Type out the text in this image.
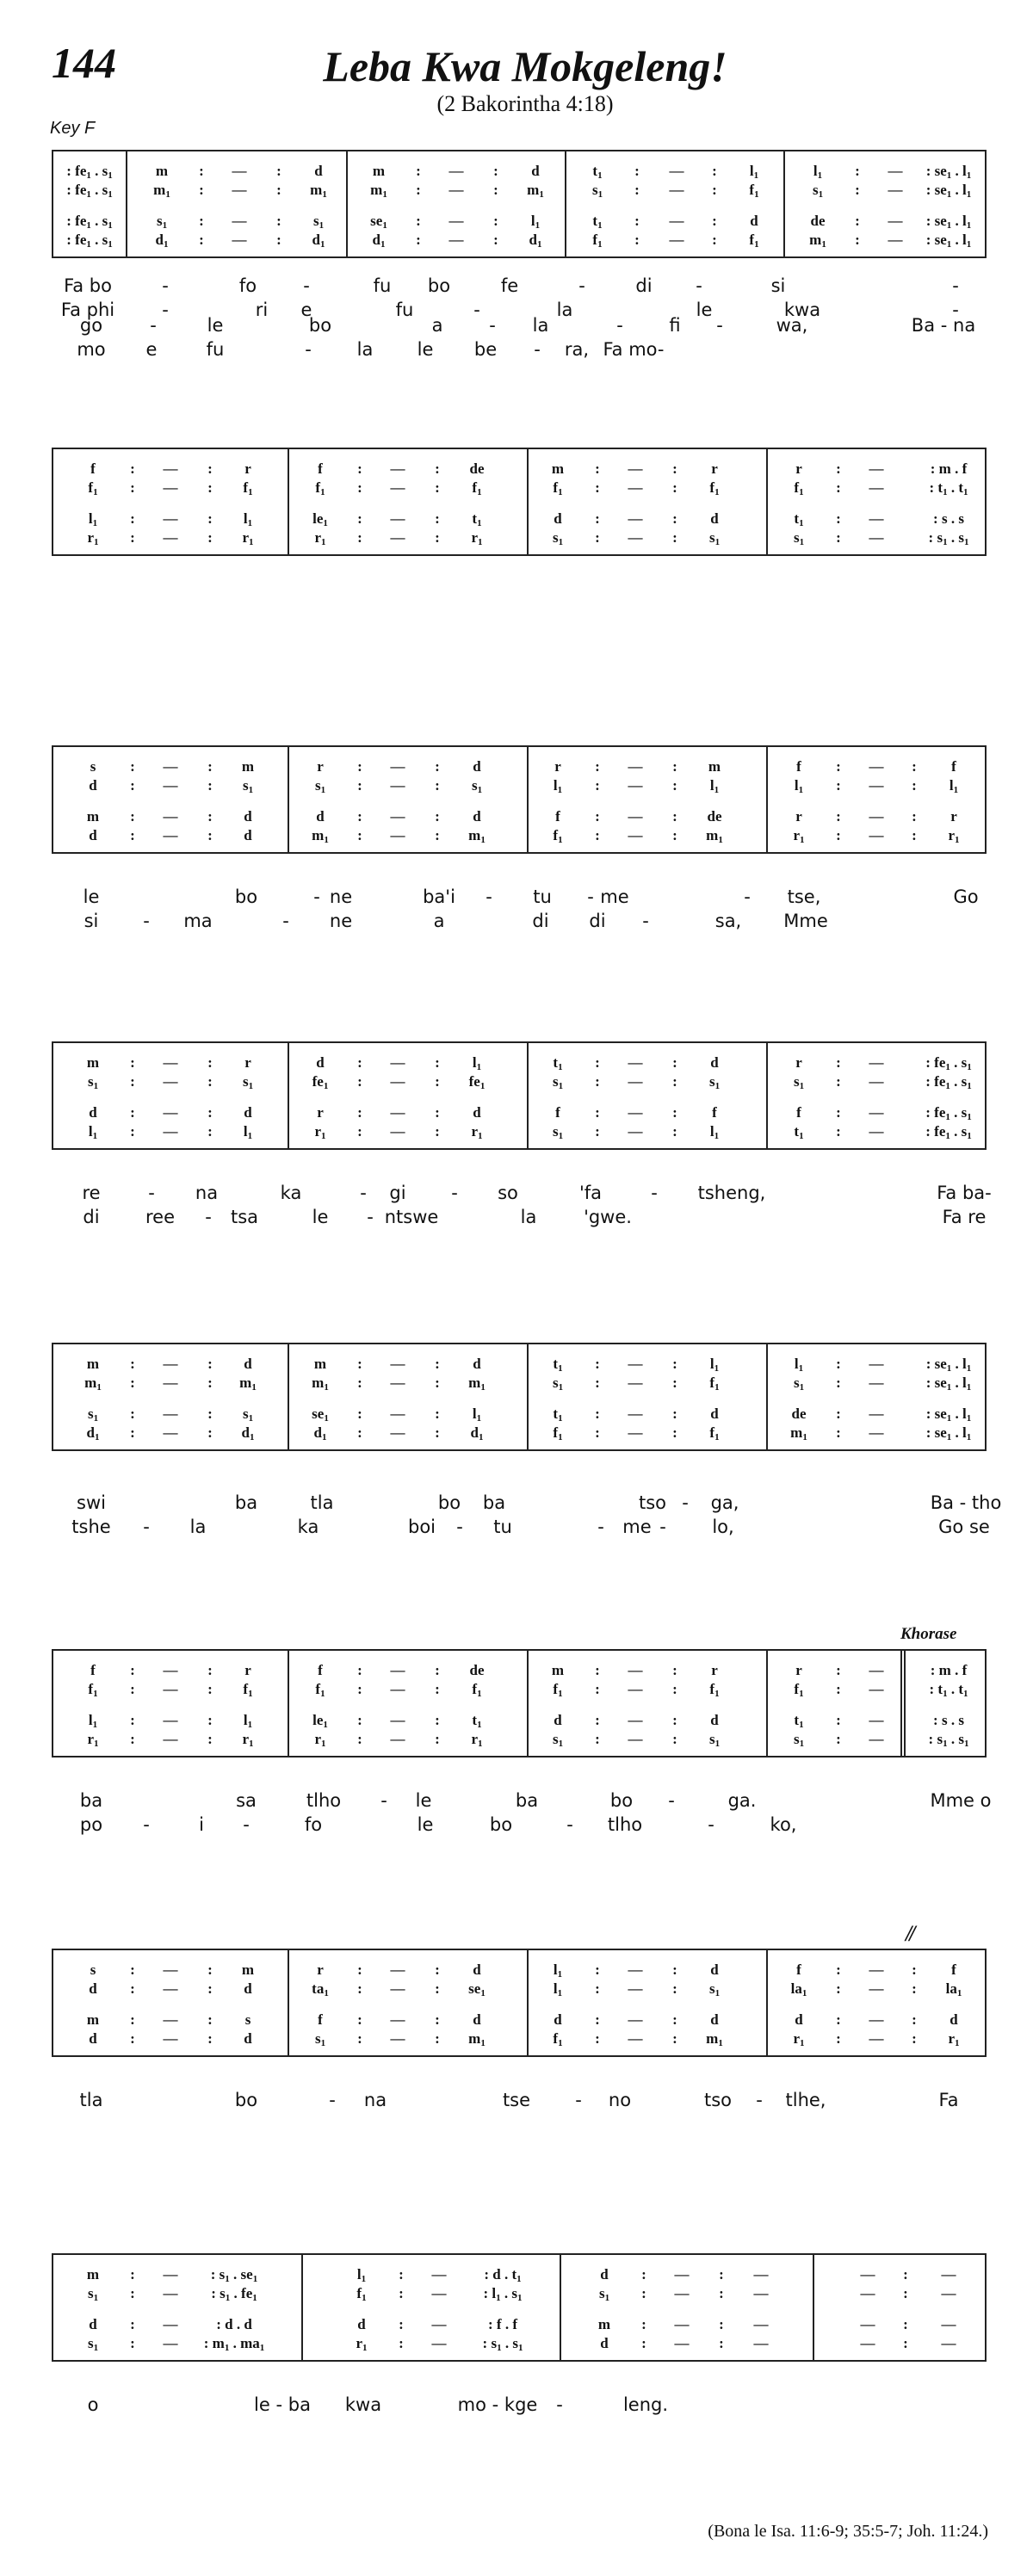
144	Leba Kwa Mokgeleng!
(2 Bakorintha 4:18)
Key F
Khorase
//
(Bona le Isa. 11:6-9; 35:5-7; Joh. 11:24.)
: $fe_1$ . $s_1$	m : — : d	m : — : d	$t_1$ : — : $l_1$	$l_1$ : — : $se_1$ . $l_1$
: $fe_1$ . $s_1$	$m_1$ : — : $m_1$	$m_1$ : — : $m_1$	$s_1$ : — : $f_1$	$s_1$ : — : $se_1$ . $l_1$
: $fe_1$ . $s_1$	$s_1$ : — : $s_1$	$se_1$ : — : $l_1$	$t_1$ : — : d	de : — : $se_1$ . $l_1$
: $fe_1$ . $s_1$	$d_1$ : — : $d_1$	$d_1$ : — : $d_1$	$f_1$ : — : $f_1$	$m_1$ : — : $se_1$ . $l_1$
Fa bo	-	fo	-	fu bo	fe	-	di -	si	-
Fa phi	-	ri e	fu	-	la	le	kwa	-
f : — : r	f : — : de	m : — : r	r : —	: m . f
$f_1$ : — : $f_1$	$f_1$ : — : $f_1$	$f_1$ : — : $f_1$	$f_1$ : —	: $t_1$ . $t_1$
$l_1$ : — : $l_1$	$le_1$ : — : $t_1$	d : — : d	$t_1$ : —	: s . s
$r_1$ : — : $r_1$	$r_1$ : — : $r_1$	$s_1$ : — : $s_1$	$s_1$ : —	: $s_1$ . $s_1$
go	-	le	bo	a	- la	-	fi -	wa,	Ba - na
mo e	fu	-	la le be - ra, Fa mo-
s : — : m	r : — : d	r : — : m	f : — : f
d : — : $s_1$	$s_1$ : — : $s_1$	$l_1$ : — : $l_1$	$l_1$ : — : $l_1$
m : — : d	d : — : d	f : — : de	r : — : r
d : — : d	$m_1$ : — : $m_1$	$f_1$ : — : $m_1$	$r_1$ : — : $r_1$
le	bo	- ne	ba'i - tu - me	- tse,	Go
si - ma	- ne	a	di di -	sa, Mme
m : — : r	d : — : $l_1$	$t_1$ : — : d	r : —	: $fe_1$ . $s_1$
$s_1$ : — : $s_1$	$fe_1$ : — : $fe_1$	$s_1$ : — : $s_1$	$s_1$ : —	: $fe_1$ . $s_1$
d : — : d	r : — : d	f : — : f	f : —	: $fe_1$ . $s_1$
$l_1$ : — : $l_1$	$r_1$ : — : $r_1$	$s_1$ : — : $l_1$	$t_1$ : —	: $fe_1$ . $s_1$
re	- na	ka	- gi	- so	'fa	- tsheng,	Fa ba-
di	ree - tsa	le - ntswe	la	'gwe.	Fa re
m : — : d	m : — : d	$t_1$ : — : $l_1$	$l_1$ : —	: $se_1$ . $l_1$
$m_1$ : — : $m_1$	$m_1$ : — : $m_1$	$s_1$ : — : $f_1$	$s_1$ : —	: $se_1$ . $l_1$
$s_1$ : — : $s_1$	$se_1$ : — : $l_1$	$t_1$ : — : d	de : —	: $se_1$ . $l_1$
$d_1$ : — : $d_1$	$d_1$ : — : $d_1$	$f_1$ : — : $f_1$	$m_1$ : —	: $se_1$ . $l_1$
swi	ba	tla	bo ba	tso - ga,	Ba - tho
tshe - la	ka	boi - tu	- me -	lo,	Go se
f : — : r	f : — : de	m : — : r	r : —	: m . f
$f_1$ : — : $f_1$	$f_1$ : — : $f_1$	$f_1$ : — : $f_1$	$f_1$ : —	: $t_1$ . $t_1$
$l_1$ : — : $l_1$	$le_1$ : — : $t_1$	d : — : d	$t_1$ : —	: s . s
$r_1$ : — : $r_1$	$r_1$ : — : $r_1$	$s_1$ : — : $s_1$	$s_1$ : —	: $s_1$ . $s_1$
ba	sa	tlho - le	ba	bo -	ga.	Mme o
po -	i -	fo	le	bo	- tlho	-	ko,
s : — : m	r : — : d	$l_1$ : — : d	f : — : f
d : — : d	$ta_1$ : — : $se_1$	$l_1$ : — : $s_1$	$la_1$ : — : $la_1$
m : — : s	f : — : d	d : — : d	d : — : d
d : — : d	$s_1$ : — : $m_1$	$f_1$ : — : $m_1$	$r_1$ : — : $r_1$
tla	bo	- na	tse - no	tso - tlhe,	Fa
m : — : $s_1$ . $se_1$	$l_1$ : —	: d . $t_1$	d : — : —	— : —
$s_1$ : — : $s_1$ . $fe_1$	$f_1$ : —	: $l_1$ . $s_1$	$s_1$ : — : —	— : —
d : —	: d . d	d : —	: f . f	m : — : —	— : —
$s_1$ : — : $m_1$ . $ma_1$	$r_1$ : — : $s_1$ . $s_1$	d : — : —	— : —
o	le - ba kwa	mo - kge -	leng.
